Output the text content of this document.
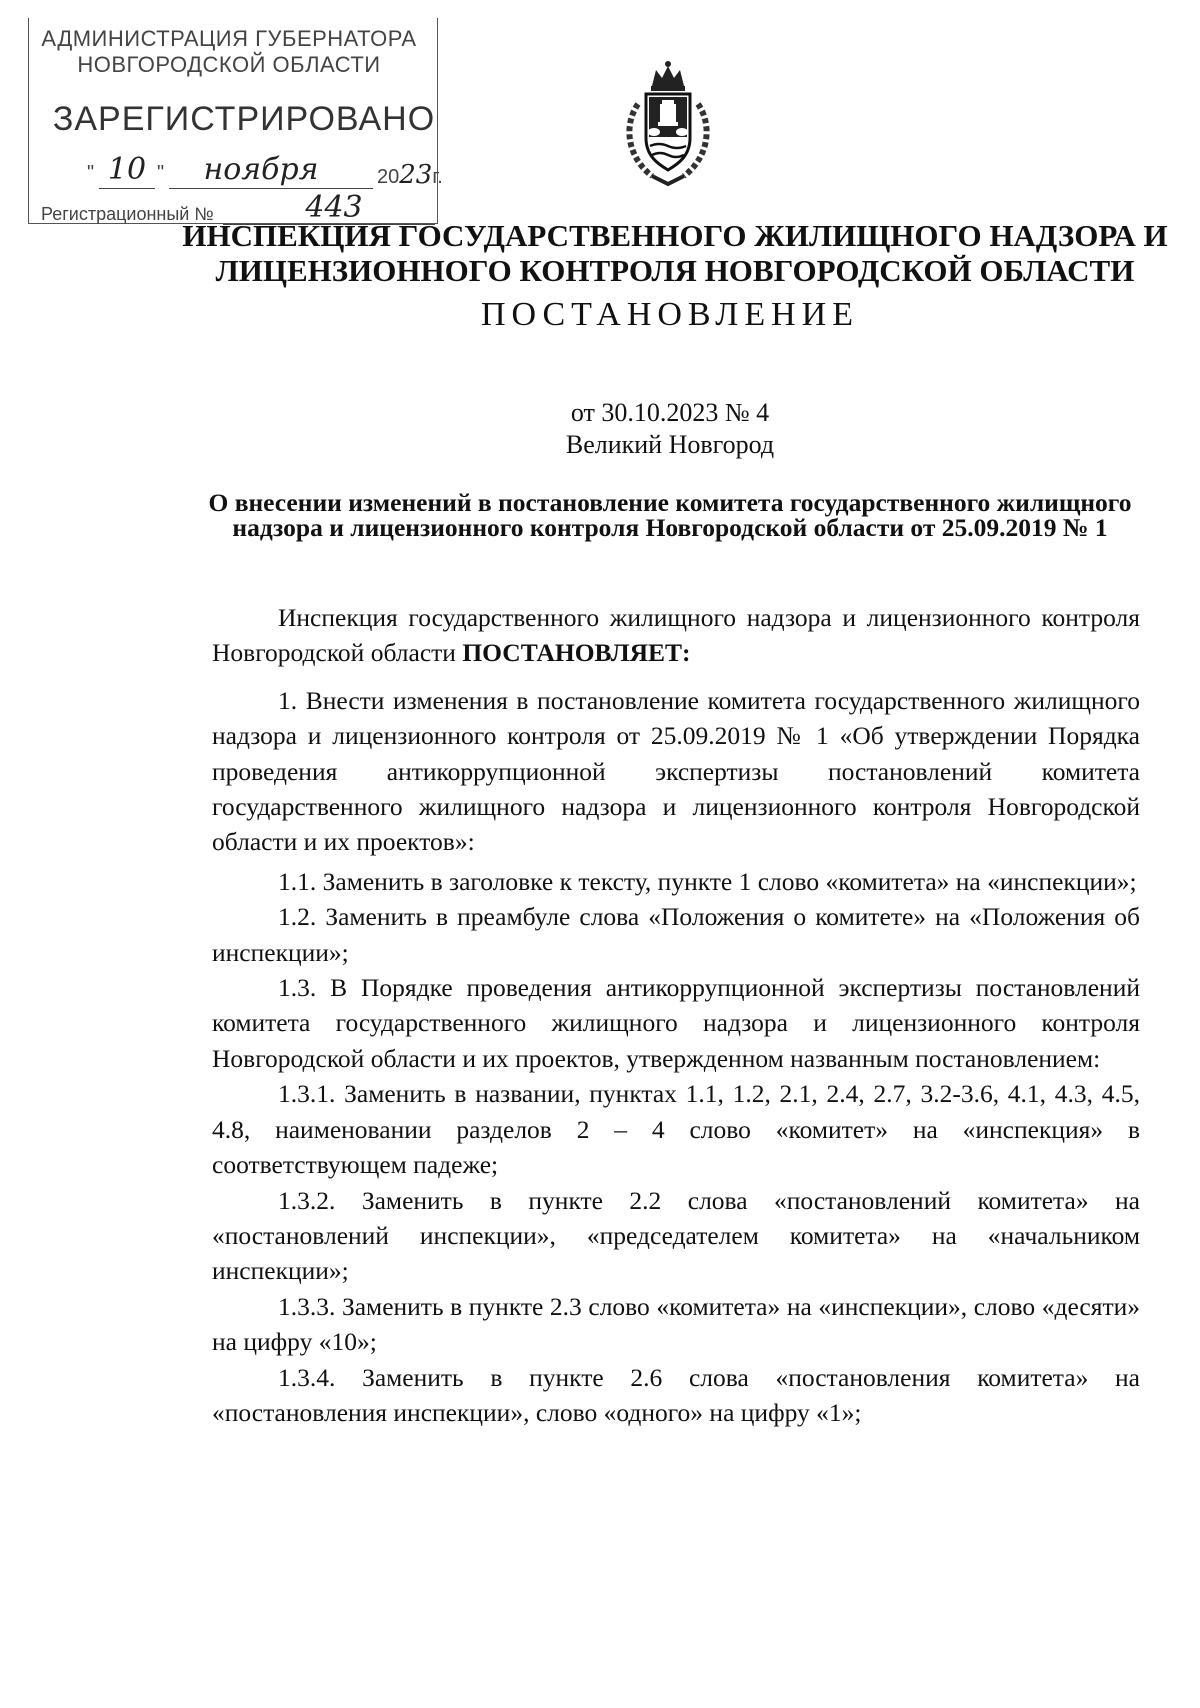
АДМИНИСТРАЦИЯ ГУБЕРНАТОРА
НОВГОРОДСКОЙ ОБЛАСТИ
ЗАРЕГИСТРИРОВАНО
" 10 "	ноября	2023г.
Регистрационный №	443
ИНСПЕКЦИЯ ГОСУДАРСТВЕННОГО ЖИЛИЩНОГО НАДЗОРА И ЛИЦЕНЗИОННОГО КОНТРОЛЯ НОВГОРОДСКОЙ ОБЛАСТИ
ПОСТАНОВЛЕНИЕ
от 30.10.2023 № 4
Великий Новгород
О внесении изменений в постановление комитета государственного жилищного надзора и лицензионного контроля Новгородской области от 25.09.2019 № 1

Инспекция государственного жилищного надзора и лицензионного контроля Новгородской области ПОСТАНОВЛЯЕТ:

1. Внести изменения в постановление комитета государственного жилищного надзора и лицензионного контроля от 25.09.2019 № 1 «Об утверждении Порядка проведения антикоррупционной экспертизы постановлений комитета государственного жилищного надзора и лицензионного контроля Новгородской области и их проектов»:

1.1. Заменить в заголовке к тексту, пункте 1 слово «комитета» на «инспекции»;

1.2. Заменить в преамбуле слова «Положения о комитете» на «Положения об инспекции»;

1.3. В Порядке проведения антикоррупционной экспертизы постановлений комитета государственного жилищного надзора и лицензионного контроля Новгородской области и их проектов, утвержденном названным постановлением:

1.3.1. Заменить в названии, пунктах 1.1, 1.2, 2.1, 2.4, 2.7, 3.2-3.6, 4.1, 4.3, 4.5, 4.8, наименовании разделов 2 – 4 слово «комитет» на «инспекция» в соответствующем падеже;

1.3.2. Заменить в пункте 2.2 слова «постановлений комитета» на «постановлений инспекции», «председателем комитета» на «начальником инспекции»;

1.3.3. Заменить в пункте 2.3 слово «комитета» на «инспекции», слово «десяти» на цифру «10»;

1.3.4. Заменить в пункте 2.6 слова «постановления комитета» на «постановления инспекции», слово «одного» на цифру «1»;
